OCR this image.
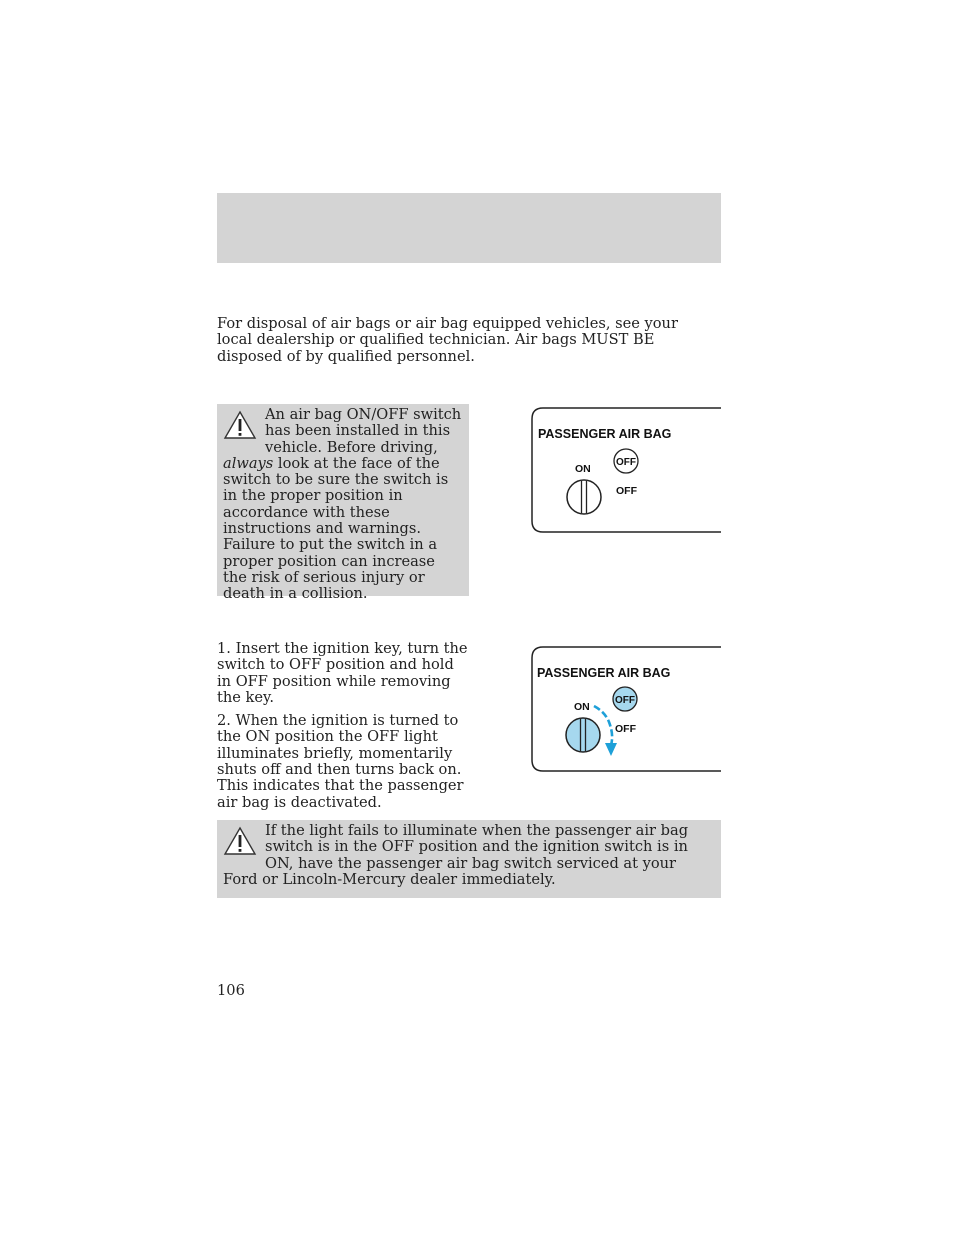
For disposal of air bags or air bag equipped vehicles, see your local dealership or qualified technician. Air bags MUST BE disposed of by qualified personnel.

An air bag ON/OFF switch has been installed in this vehicle. Before driving, always look at the face of the switch to be sure the switch is in the proper position in accordance with these instructions and warnings. Failure to put the switch in a proper position can increase the risk of serious injury or death in a collision.

PASSENGER AIR BAG
ON
OFF
OFF

1. Insert the ignition key, turn the switch to OFF position and hold in OFF position while removing the key.

2. When the ignition is turned to the ON position the OFF light illuminates briefly, momentarily shuts off and then turns back on. This indicates that the passenger air bag is deactivated.

PASSENGER AIR BAG
ON
OFF
OFF

If the light fails to illuminate when the passenger air bag switch is in the OFF position and the ignition switch is in ON, have the passenger air bag switch serviced at your Ford or Lincoln-Mercury dealer immediately.

106
